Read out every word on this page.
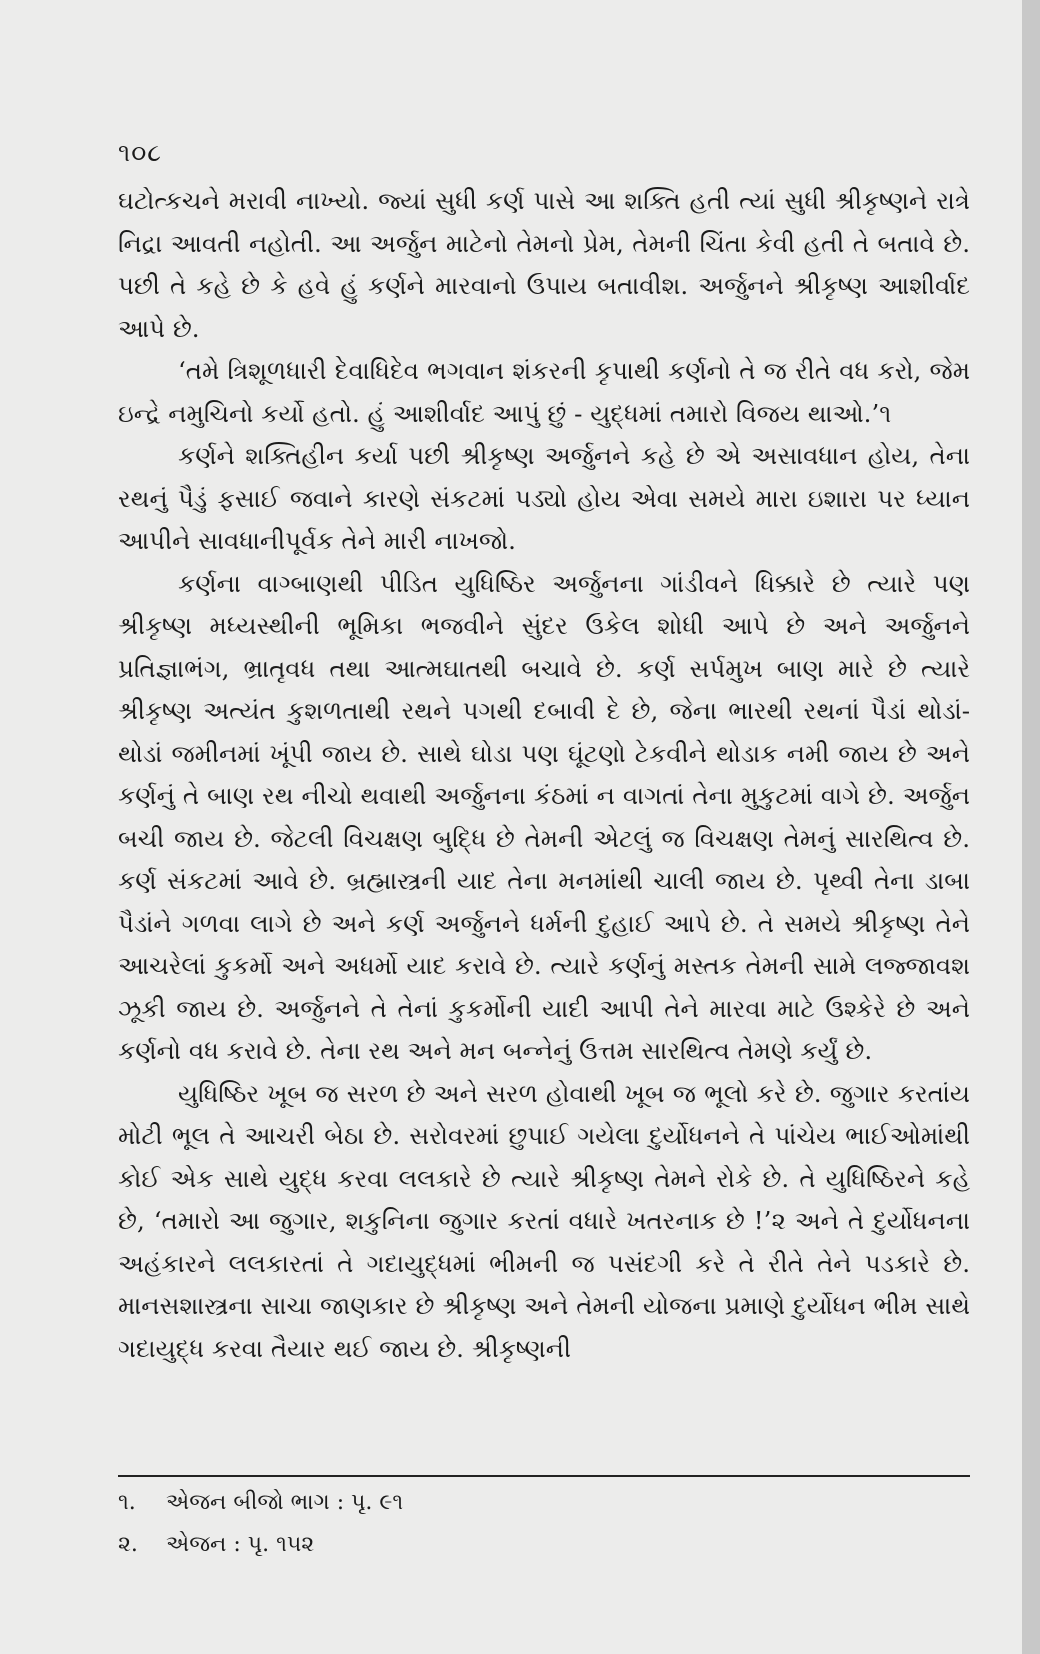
૧૦૮

ઘટોત્કચને મરાવી નાખ્યો. જ્યાં સુધી કર્ણ પાસે આ શક્તિ હતી ત્યાં સુધી શ્રીકૃષ્ણને રાત્રે નિદ્રા આવતી નહોતી. આ અર્જુન માટેનો તેમનો પ્રેમ, તેમની ચિંતા કેવી હતી તે બતાવે છે. પછી તે કહે છે કે હવે હું કર્ણને મારવાનો ઉપાય બતાવીશ. અર્જુનને શ્રીકૃષ્ણ આશીર્વાદ આપે છે.

‘તમે ત્રિશૂળધારી દેવાધિદેવ ભગવાન શંકરની કૃપાથી કર્ણનો તે જ રીતે વધ કરો, જેમ ઇન્દ્રે નમુચિનો કર્યો હતો. હું આશીર્વાદ આપું છું - યુદ્ધમાં તમારો વિજય થાઓ.’૧

કર્ણને શક્તિહીન કર્યા પછી શ્રીકૃષ્ણ અર્જુનને કહે છે એ અસાવધાન હોય, તેના રથનું પૈડું ફસાઈ જવાને કારણે સંકટમાં પડ્યો હોય એવા સમયે મારા ઇશારા પર ધ્યાન આપીને સાવધાનીપૂર્વક તેને મારી નાખજો.

કર્ણના વાગ્બાણથી પીડિત યુધિષ્ઠિર અર્જુનના ગાંડીવને ધિક્કારે છે ત્યારે પણ શ્રીકૃષ્ણ મધ્યસ્થીની ભૂમિકા ભજવીને સુંદર ઉકેલ શોધી આપે છે અને અર્જુનને પ્રતિજ્ઞાભંગ, ભ્રાતૃવધ તથા આત્મઘાતથી બચાવે છે. કર્ણ સર્પમુખ બાણ મારે છે ત્યારે શ્રીકૃષ્ણ અત્યંત કુશળતાથી રથને પગથી દબાવી દે છે, જેના ભારથી રથનાં પૈડાં થોડાં-થોડાં જમીનમાં ખૂંપી જાય છે. સાથે ઘોડા પણ ઘૂંટણો ટેકવીને થોડાક નમી જાય છે અને કર્ણનું તે બાણ રથ નીચો થવાથી અર્જુનના કંઠમાં ન વાગતાં તેના મુકુટમાં વાગે છે. અર્જુન બચી જાય છે. જેટલી વિચક્ષણ બુદ્ધિ છે તેમની એટલું જ વિચક્ષણ તેમનું સારથિત્વ છે. કર્ણ સંકટમાં આવે છે. બ્રહ્માસ્ત્રની યાદ તેના મનમાંથી ચાલી જાય છે. પૃથ્વી તેના ડાબા પૈડાંને ગળવા લાગે છે અને કર્ણ અર્જુનને ધર્મની દુહાઈ આપે છે. તે સમયે શ્રીકૃષ્ણ તેને આચરેલાં કુકર્મો અને અધર્મો યાદ કરાવે છે. ત્યારે કર્ણનું મસ્તક તેમની સામે લજ્જાવશ ઝૂકી જાય છે. અર્જુનને તે તેનાં કુકર્મોની યાદી આપી તેને મારવા માટે ઉશ્કેરે છે અને કર્ણનો વધ કરાવે છે. તેના રથ અને મન બન્નેનું ઉત્તમ સારથિત્વ તેમણે કર્યું છે.

યુધિષ્ઠિર ખૂબ જ સરળ છે અને સરળ હોવાથી ખૂબ જ ભૂલો કરે છે. જુગાર કરતાંય મોટી ભૂલ તે આચરી બેઠા છે. સરોવરમાં છુપાઈ ગયેલા દુર્યોધનને તે પાંચેય ભાઈઓમાંથી કોઈ એક સાથે યુદ્ધ કરવા લલકારે છે ત્યારે શ્રીકૃષ્ણ તેમને રોકે છે. તે યુધિષ્ઠિરને કહે છે, ‘તમારો આ જુગાર, શકુનિના જુગાર કરતાં વધારે ખતરનાક છે !’૨ અને તે દુર્યોધનના અહંકારને લલકારતાં તે ગદાયુદ્ધમાં ભીમની જ પસંદગી કરે તે રીતે તેને પડકારે છે. માનસશાસ્ત્રના સાચા જાણકાર છે શ્રીકૃષ્ણ અને તેમની યોજના પ્રમાણે દુર્યોધન ભીમ સાથે ગદાયુદ્ધ કરવા તૈયાર થઈ જાય છે. શ્રીકૃષ્ણની

૧. એજન બીજો ભાગ : પૃ. ૯૧
૨. એજન : પૃ. ૧૫૨
